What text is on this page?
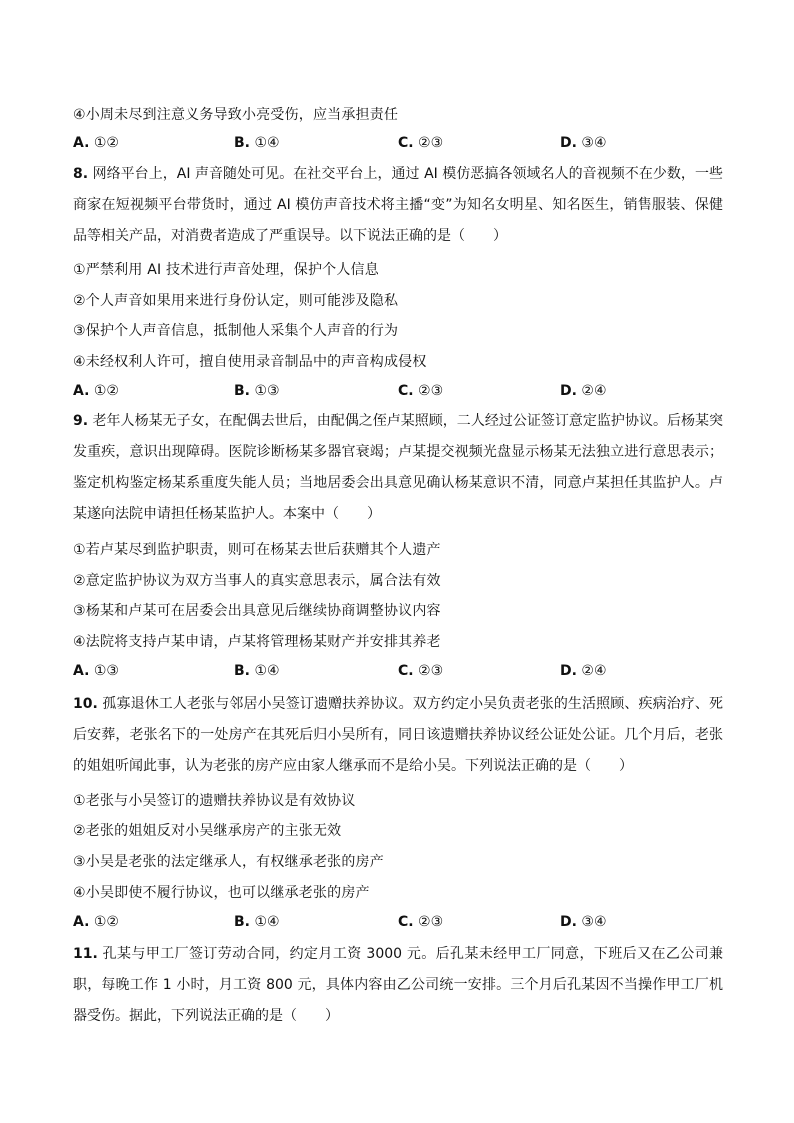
④小周未尽到注意义务导致小亮受伤，应当承担责任
A. ①②	B. ①④	C. ②③	D. ③④
8. 网络平台上，AI 声音随处可见。在社交平台上，通过 AI 模仿恶搞各领域名人的音视频不在少数，一些商家在短视频平台带货时，通过 AI 模仿声音技术将主播“变”为知名女明星、知名医生，销售服装、保健品等相关产品，对消费者造成了严重误导。以下说法正确的是（　　）
①严禁利用 AI 技术进行声音处理，保护个人信息
②个人声音如果用来进行身份认定，则可能涉及隐私
③保护个人声音信息，抵制他人采集个人声音的行为
④未经权利人许可，擅自使用录音制品中的声音构成侵权
A. ①②	B. ①③	C. ②③	D. ②④
9. 老年人杨某无子女，在配偶去世后，由配偶之侄卢某照顾，二人经过公证签订意定监护协议。后杨某突发重疾，意识出现障碍。医院诊断杨某多器官衰竭；卢某提交视频光盘显示杨某无法独立进行意思表示；鉴定机构鉴定杨某系重度失能人员；当地居委会出具意见确认杨某意识不清，同意卢某担任其监护人。卢某遂向法院申请担任杨某监护人。本案中（　　）
①若卢某尽到监护职责，则可在杨某去世后获赠其个人遗产
②意定监护协议为双方当事人的真实意思表示，属合法有效
③杨某和卢某可在居委会出具意见后继续协商调整协议内容
④法院将支持卢某申请，卢某将管理杨某财产并安排其养老
A. ①③	B. ①④	C. ②③	D. ②④
10. 孤寡退休工人老张与邻居小吴签订遗赠扶养协议。双方约定小吴负责老张的生活照顾、疾病治疗、死后安葬，老张名下的一处房产在其死后归小吴所有，同日该遗赠扶养协议经公证处公证。几个月后，老张的姐姐听闻此事，认为老张的房产应由家人继承而不是给小吴。下列说法正确的是（　　）
①老张与小吴签订的遗赠扶养协议是有效协议
②老张的姐姐反对小吴继承房产的主张无效
③小吴是老张的法定继承人，有权继承老张的房产
④小吴即使不履行协议，也可以继承老张的房产
A. ①②	B. ①④	C. ②③	D. ③④
11. 孔某与甲工厂签订劳动合同，约定月工资 3000 元。后孔某未经甲工厂同意，下班后又在乙公司兼职，每晚工作 1 小时，月工资 800 元，具体内容由乙公司统一安排。三个月后孔某因不当操作甲工厂机器受伤。据此，下列说法正确的是（　　）
